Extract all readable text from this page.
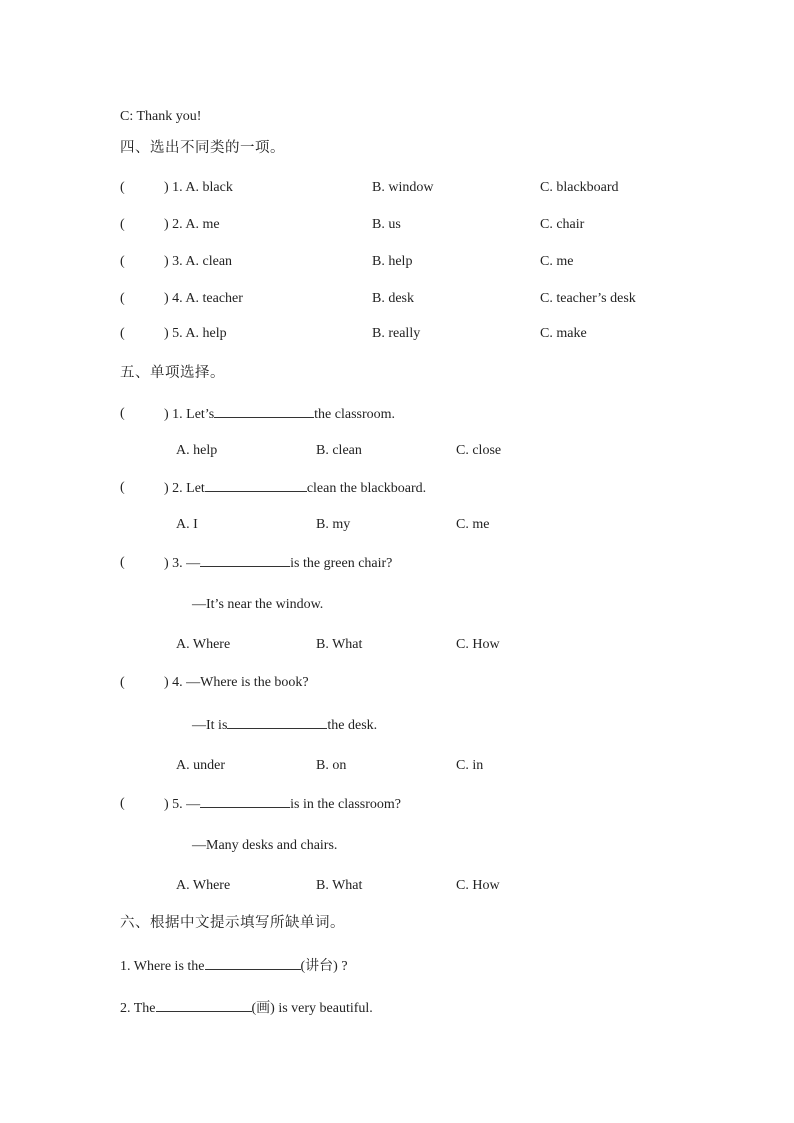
C: Thank you!
四、选出不同类的一项。
(	) 1. A. black	B. window	C. blackboard
(	) 2. A. me	B. us	C. chair
(	) 3. A. clean	B. help	C. me
(	) 4. A. teacher	B. desk	C. teacher’s desk
(	) 5. A. help	B. really	C. make
五、单项选择。
(	) 1. Let’s	the classroom.
A. help	B. clean	C. close
(	) 2. Let	clean the blackboard.
A. I	B. my	C. me
(	) 3. —	is the green chair?
—It’s near the window.
A. Where	B. What	C. How
(	) 4. —Where is the book?
—It is	the desk.
A. under	B. on	C. in
(	) 5. —	is in the classroom?
—Many desks and chairs.
A. Where	B. What	C. How
六、根据中文提示填写所缺单词。
1. Where is the	(讲台) ?
2. The	(画) is very beautiful.
